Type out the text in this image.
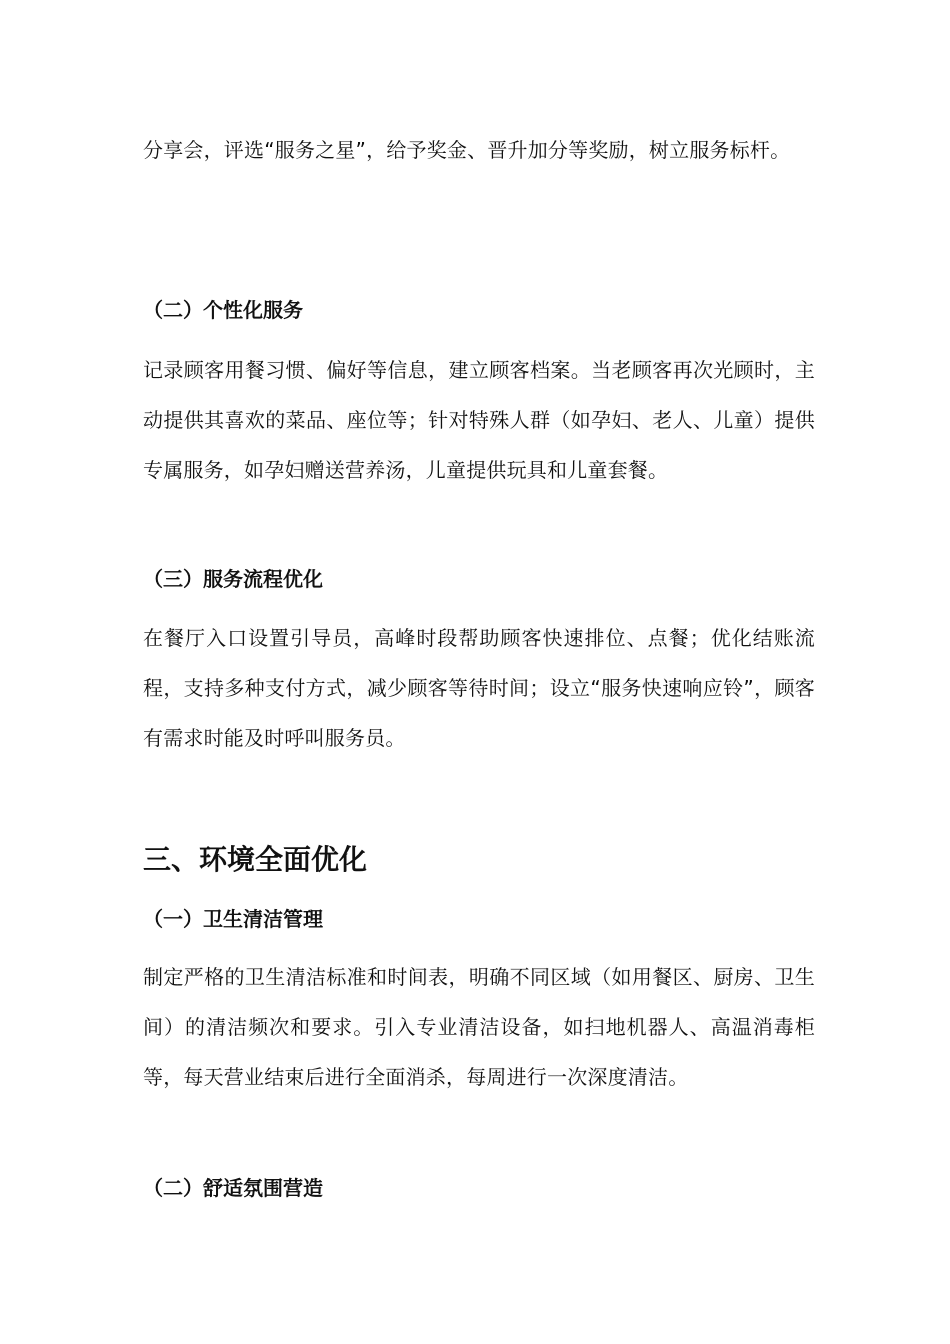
分享会，评选“服务之星”，给予奖金、晋升加分等奖励，树立服务标杆。
（二）个性化服务
记录顾客用餐习惯、偏好等信息，建立顾客档案。当老顾客再次光顾时，主动提供其喜欢的菜品、座位等；针对特殊人群（如孕妇、老人、儿童）提供专属服务，如孕妇赠送营养汤，儿童提供玩具和儿童套餐。
（三）服务流程优化
在餐厅入口设置引导员，高峰时段帮助顾客快速排位、点餐；优化结账流程，支持多种支付方式，减少顾客等待时间；设立“服务快速响应铃”，顾客有需求时能及时呼叫服务员。
三、环境全面优化
（一）卫生清洁管理
制定严格的卫生清洁标准和时间表，明确不同区域（如用餐区、厨房、卫生间）的清洁频次和要求。引入专业清洁设备，如扫地机器人、高温消毒柜等，每天营业结束后进行全面消杀，每周进行一次深度清洁。
（二）舒适氛围营造
